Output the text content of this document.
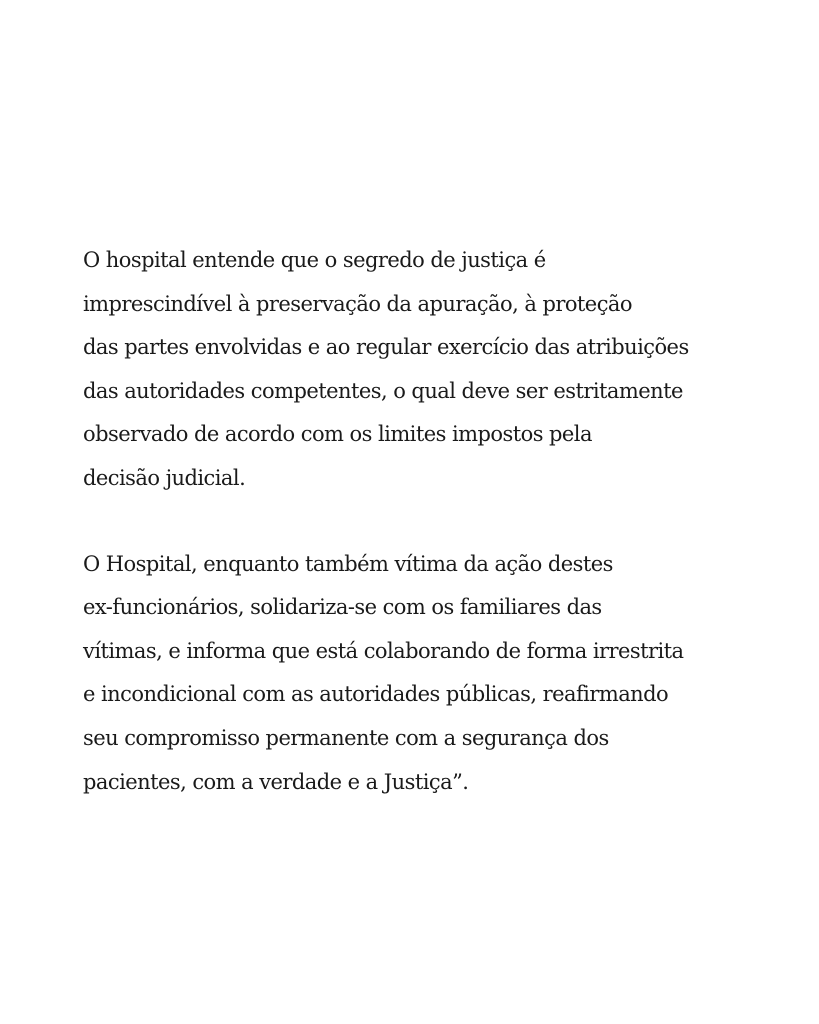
O hospital entende que o segredo de justiça é
imprescindível à preservação da apuração, à proteção
das partes envolvidas e ao regular exercício das atribuições
das autoridades competentes, o qual deve ser estritamente
observado de acordo com os limites impostos pela
decisão judicial.

O Hospital, enquanto também vítima da ação destes
ex-funcionários, solidariza-se com os familiares das
vítimas, e informa que está colaborando de forma irrestrita
e incondicional com as autoridades públicas, reafirmando
seu compromisso permanente com a segurança dos
pacientes, com a verdade e a Justiça”.
